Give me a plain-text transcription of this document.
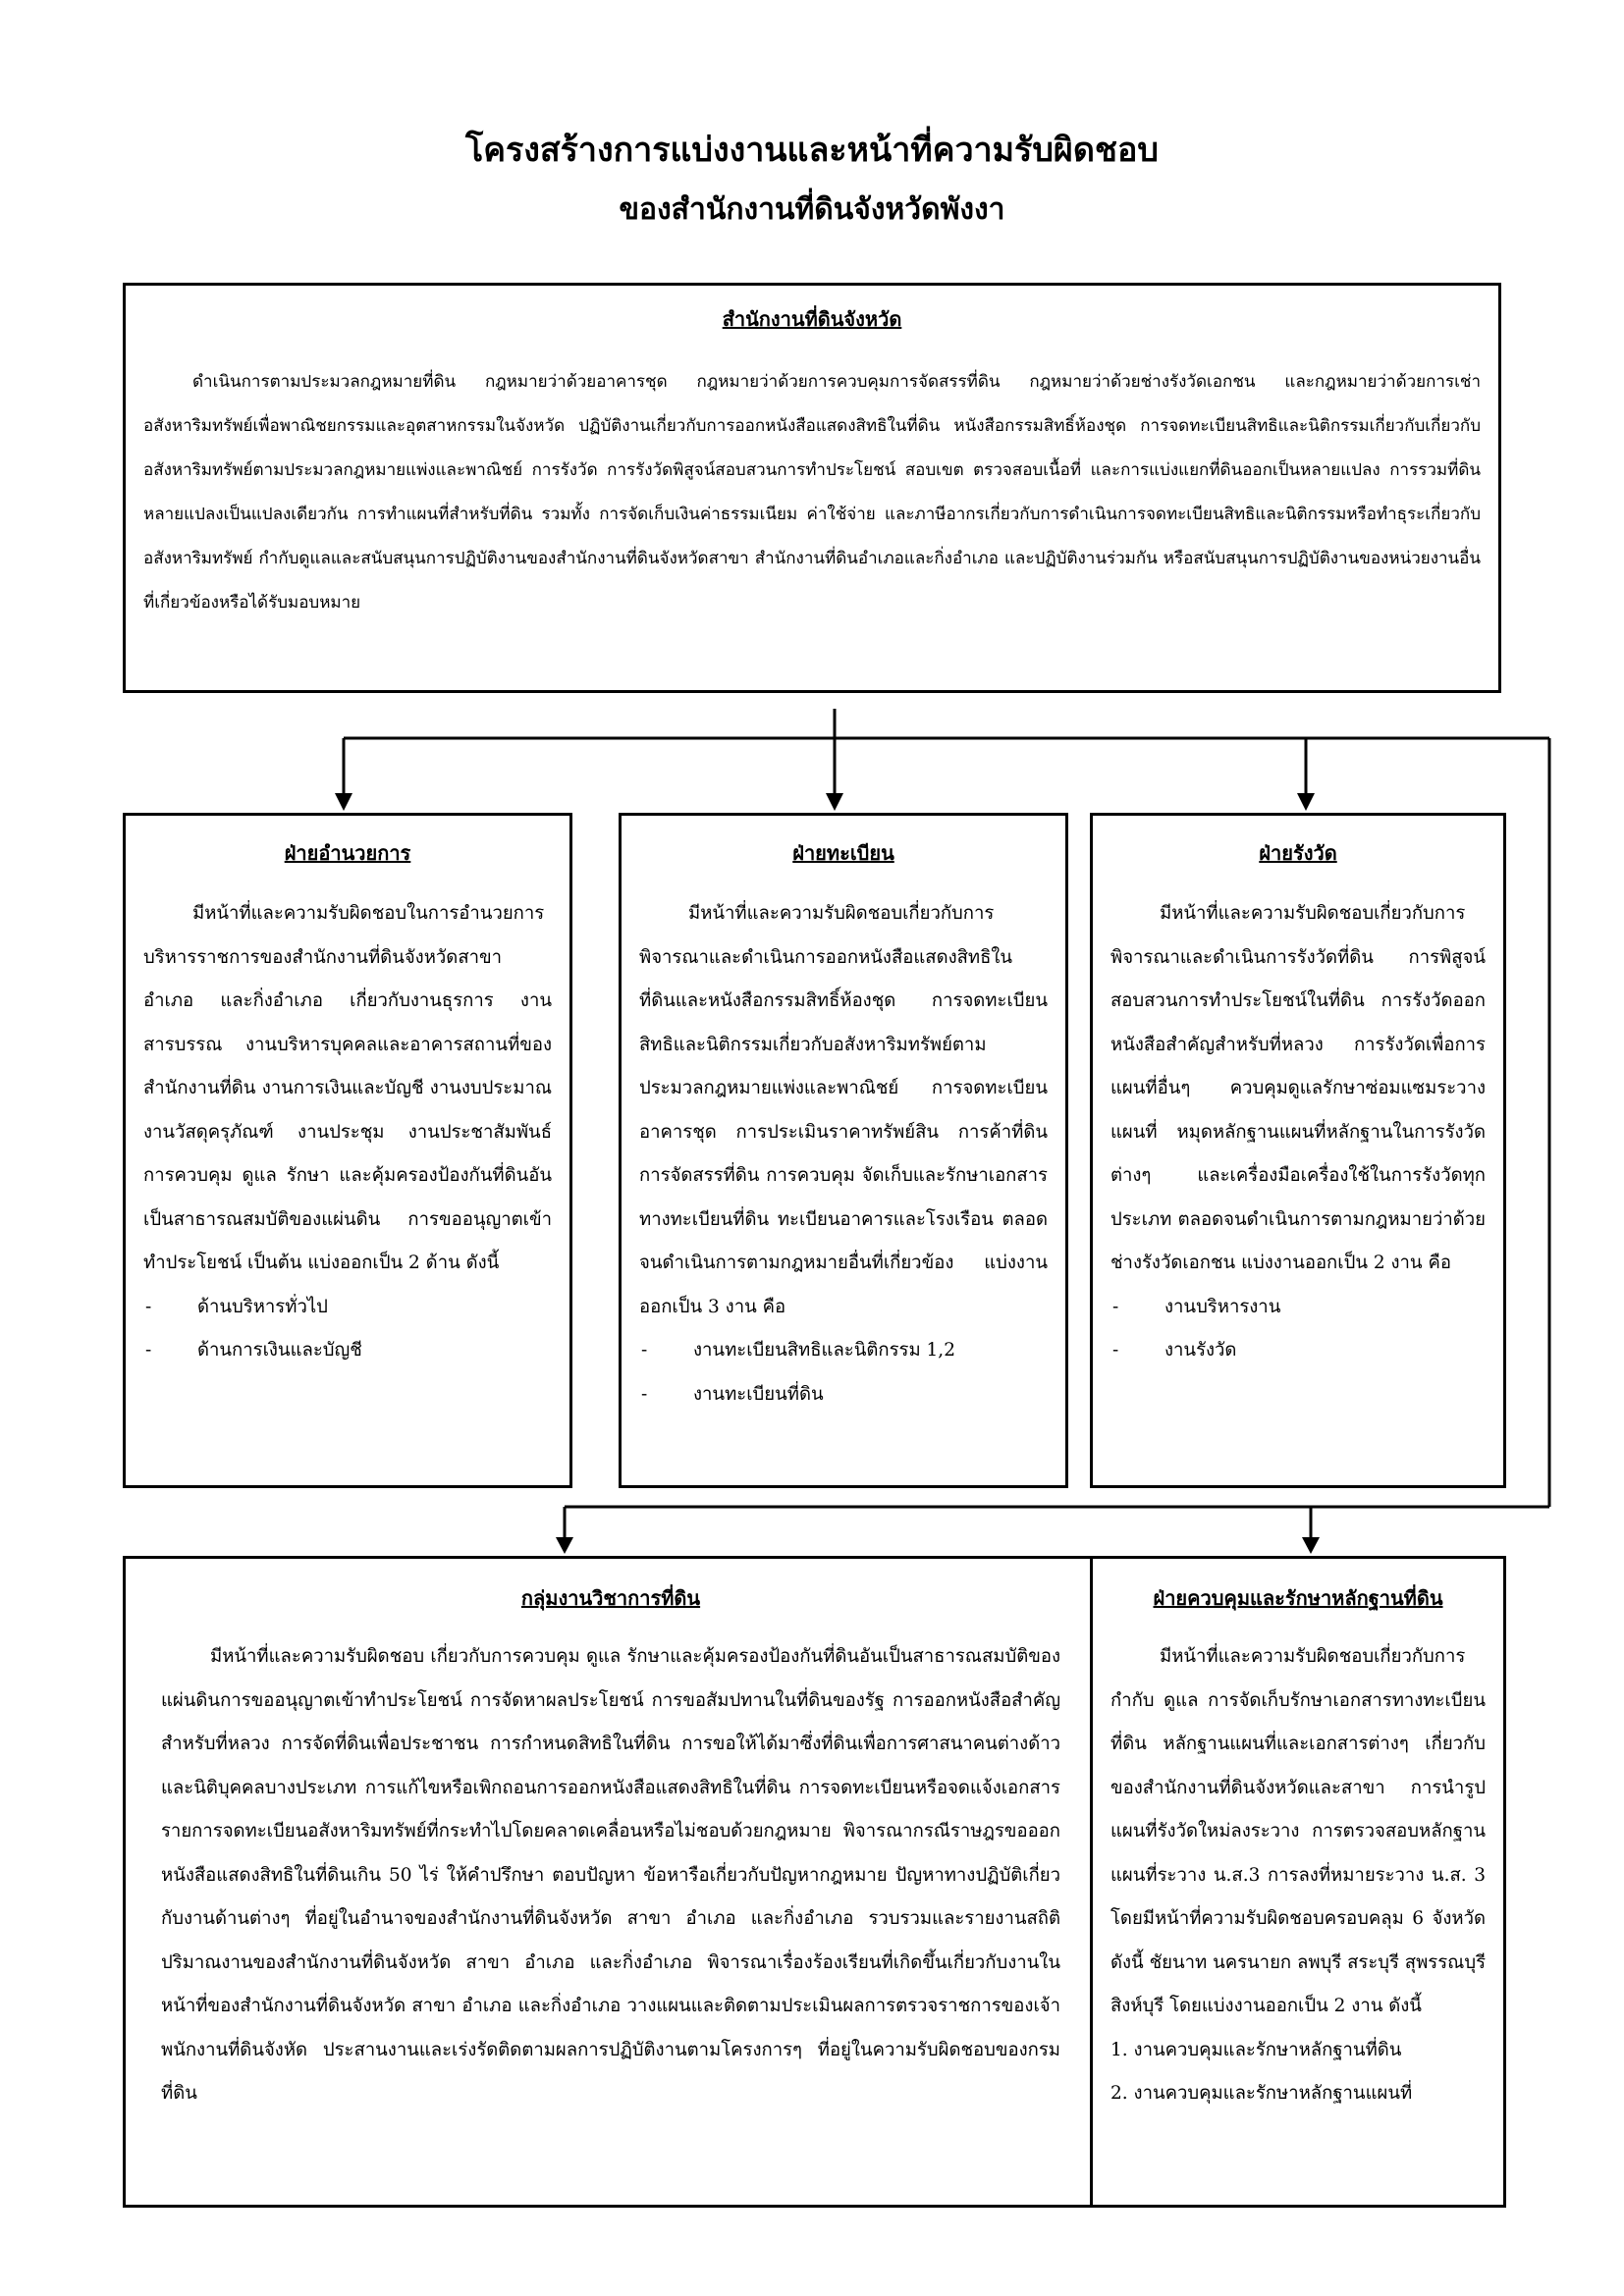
โครงสร้างการแบ่งงานและหน้าที่ความรับผิดชอบ
ของสำนักงานที่ดินจังหวัดพังงา
สำนักงานที่ดินจังหวัด

ดำเนินการตามประมวลกฎหมายที่ดิน กฎหมายว่าด้วยอาคารชุด กฎหมายว่าด้วยการควบคุมการจัดสรรที่ดิน กฎหมายว่าด้วยช่างรังวัดเอกชน และกฎหมายว่าด้วยการเช่าอสังหาริมทรัพย์เพื่อพาณิชยกรรมและอุตสาหกรรมในจังหวัด ปฏิบัติงานเกี่ยวกับการออกหนังสือแสดงสิทธิในที่ดิน หนังสือกรรมสิทธิ์ห้องชุด การจดทะเบียนสิทธิและนิติกรรมเกี่ยวกับเกี่ยวกับอสังหาริมทรัพย์ตามประมวลกฎหมายแพ่งและพาณิชย์ การรังวัด การรังวัดพิสูจน์สอบสวนการทำประโยชน์ สอบเขต ตรวจสอบเนื้อที่ และการแบ่งแยกที่ดินออกเป็นหลายแปลง การรวมที่ดินหลายแปลงเป็นแปลงเดียวกัน การทำแผนที่สำหรับที่ดิน รวมทั้ง การจัดเก็บเงินค่าธรรมเนียม ค่าใช้จ่าย และภาษีอากรเกี่ยวกับการดำเนินการจดทะเบียนสิทธิและนิติกรรมหรือทำธุระเกี่ยวกับอสังหาริมทรัพย์ กำกับดูแลและสนับสนุนการปฏิบัติงานของสำนักงานที่ดินจังหวัดสาขา สำนักงานที่ดินอำเภอและกิ่งอำเภอ และปฏิบัติงานร่วมกัน หรือสนับสนุนการปฏิบัติงานของหน่วยงานอื่นที่เกี่ยวข้องหรือได้รับมอบหมาย

ฝ่ายอำนวยการ

มีหน้าที่และความรับผิดชอบในการอำนวยการบริหารราชการของสำนักงานที่ดินจังหวัดสาขา อำเภอ และกิ่งอำเภอ เกี่ยวกับงานธุรการ งานสารบรรณ งานบริหารบุคคลและอาคารสถานที่ของสำนักงานที่ดิน งานการเงินและบัญชี งานงบประมาณ งานวัสดุครุภัณฑ์ งานประชุม งานประชาสัมพันธ์ การควบคุม ดูแล รักษา และคุ้มครองป้องกันที่ดินอันเป็นสาธารณสมบัติของแผ่นดิน การขออนุญาตเข้าทำประโยชน์ เป็นต้น แบ่งออกเป็น 2 ด้าน ดังนี้

- ด้านบริหารทั่วไป
- ด้านการเงินและบัญชี
ฝ่ายทะเบียน

มีหน้าที่และความรับผิดชอบเกี่ยวกับการพิจารณาและดำเนินการออกหนังสือแสดงสิทธิในที่ดินและหนังสือกรรมสิทธิ์ห้องชุด การจดทะเบียนสิทธิและนิติกรรมเกี่ยวกับอสังหาริมทรัพย์ตามประมวลกฎหมายแพ่งและพาณิชย์ การจดทะเบียนอาคารชุด การประเมินราคาทรัพย์สิน การค้าที่ดิน การจัดสรรที่ดิน การควบคุม จัดเก็บและรักษาเอกสารทางทะเบียนที่ดิน ทะเบียนอาคารและโรงเรือน ตลอดจนดำเนินการตามกฎหมายอื่นที่เกี่ยวข้อง แบ่งงานออกเป็น 3 งาน คือ

- งานทะเบียนสิทธิและนิติกรรม 1,2
- งานทะเบียนที่ดิน
ฝ่ายรังวัด

มีหน้าที่และความรับผิดชอบเกี่ยวกับการพิจารณาและดำเนินการรังวัดที่ดิน การพิสูจน์สอบสวนการทำประโยชน์ในที่ดิน การรังวัดออกหนังสือสำคัญสำหรับที่หลวง การรังวัดเพื่อการแผนที่อื่นๆ ควบคุมดูแลรักษาซ่อมแซมระวางแผนที่ หมุดหลักฐานแผนที่หลักฐานในการรังวัดต่างๆ และเครื่องมือเครื่องใช้ในการรังวัดทุกประเภท ตลอดจนดำเนินการตามกฎหมายว่าด้วยช่างรังวัดเอกชน แบ่งงานออกเป็น 2 งาน คือ

- งานบริหารงาน
- งานรังวัด
กลุ่มงานวิชาการที่ดิน

มีหน้าที่และความรับผิดชอบ เกี่ยวกับการควบคุม ดูแล รักษาและคุ้มครองป้องกันที่ดินอันเป็นสาธารณสมบัติของแผ่นดินการขออนุญาตเข้าทำประโยชน์ การจัดหาผลประโยชน์ การขอสัมปทานในที่ดินของรัฐ การออกหนังสือสำคัญสำหรับที่หลวง การจัดที่ดินเพื่อประชาชน การกำหนดสิทธิในที่ดิน การขอให้ได้มาซึ่งที่ดินเพื่อการศาสนาคนต่างด้าว และนิติบุคคลบางประเภท การแก้ไขหรือเพิกถอนการออกหนังสือแสดงสิทธิในที่ดิน การจดทะเบียนหรือจดแจ้งเอกสารรายการจดทะเบียนอสังหาริมทรัพย์ที่กระทำไปโดยคลาดเคลื่อนหรือไม่ชอบด้วยกฎหมาย พิจารณากรณีราษฎรขอออกหนังสือแสดงสิทธิในที่ดินเกิน 50 ไร่ ให้คำปรึกษา ตอบปัญหา ข้อหารือเกี่ยวกับปัญหากฎหมาย ปัญหาทางปฏิบัติเกี่ยวกับงานด้านต่างๆ ที่อยู่ในอำนาจของสำนักงานที่ดินจังหวัด สาขา อำเภอ และกิ่งอำเภอ รวบรวมและรายงานสถิติปริมาณงานของสำนักงานที่ดินจังหวัด สาขา อำเภอ และกิ่งอำเภอ พิจารณาเรื่องร้องเรียนที่เกิดขึ้นเกี่ยวกับงานในหน้าที่ของสำนักงานที่ดินจังหวัด สาขา อำเภอ และกิ่งอำเภอ วางแผนและติดตามประเมินผลการตรวจราชการของเจ้าพนักงานที่ดินจังหัด ประสานงานและเร่งรัดติดตามผลการปฏิบัติงานตามโครงการๆ ที่อยู่ในความรับผิดชอบของกรมที่ดิน

ฝ่ายควบคุมและรักษาหลักฐานที่ดิน

มีหน้าที่และความรับผิดชอบเกี่ยวกับการกำกับ ดูแล การจัดเก็บรักษาเอกสารทางทะเบียนที่ดิน หลักฐานแผนที่และเอกสารต่างๆ เกี่ยวกับของสำนักงานที่ดินจังหวัดและสาขา การนำรูปแผนที่รังวัดใหม่ลงระวาง การตรวจสอบหลักฐานแผนที่ระวาง น.ส.3 การลงที่หมายระวาง น.ส. 3 โดยมีหน้าที่ความรับผิดชอบครอบคลุม 6 จังหวัด ดังนี้ ชัยนาท นครนายก ลพบุรี สระบุรี สุพรรณบุรี สิงห์บุรี โดยแบ่งงานออกเป็น 2 งาน ดังนี้

1. งานควบคุมและรักษาหลักฐานที่ดิน
2. งานควบคุมและรักษาหลักฐานแผนที่
